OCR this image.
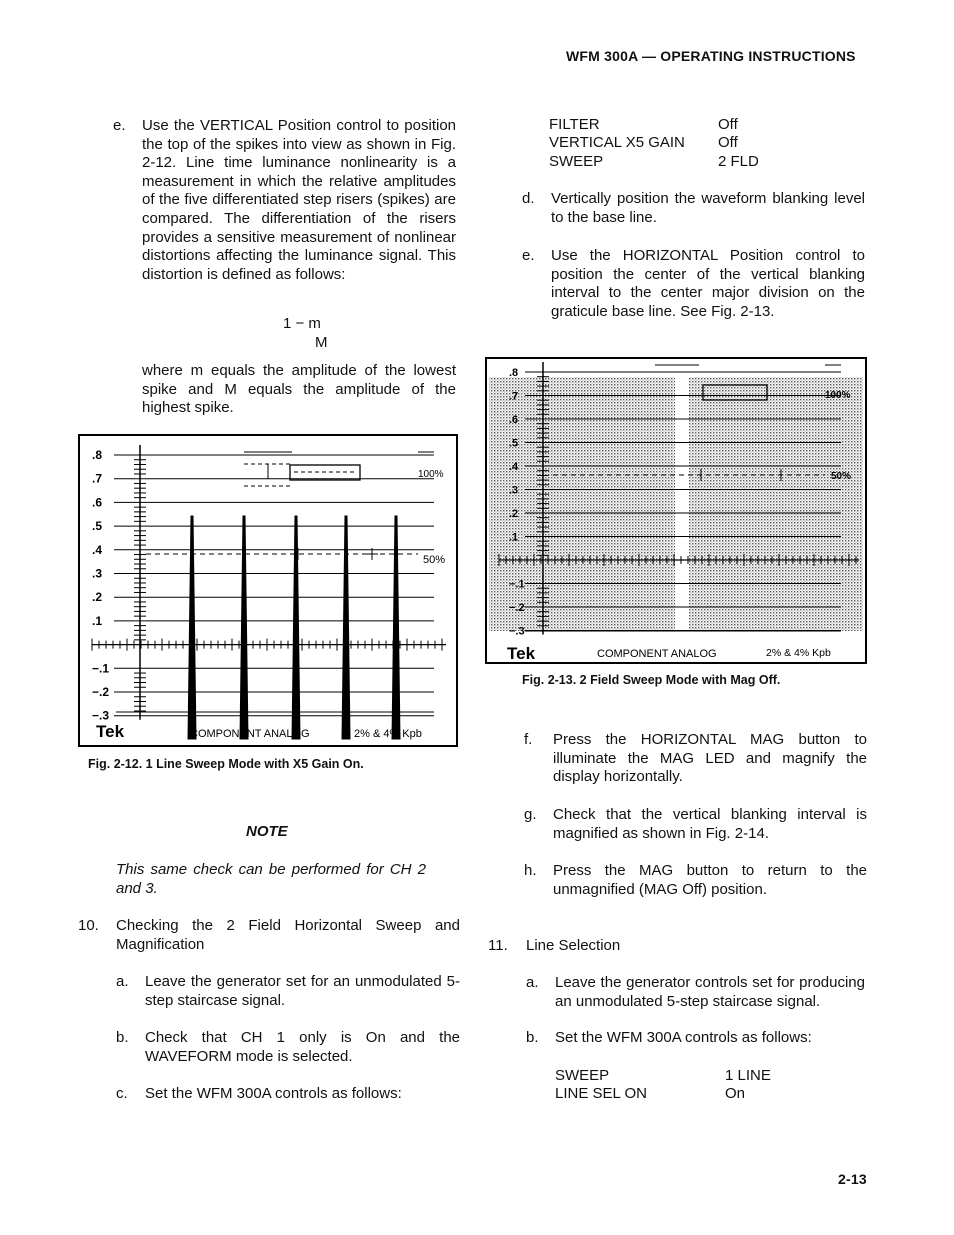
WFM 300A — OPERATING INSTRUCTIONS
e. Use the VERTICAL Position control to position the top of the spikes into view as shown in Fig. 2-12. Line time luminance nonlinearity is a measurement in which the relative amplitudes of the five differentiated step risers (spikes) are compared. The differentiation of the risers provides a sensitive measurement of nonlinear distortions affecting the luminance signal. This distortion is defined as follows:
1 − m
M
where m equals the amplitude of the lowest spike and M equals the amplitude of the highest spike.
.8
.7
.6
.5
.4
.3
.2
.1
−.1
−.2
−.3
Tek	COMPONENT ANALOG	2% & 4% Kpb
100%
50%
Fig. 2-12. 1 Line Sweep Mode with X5 Gain On.
NOTE
This same check can be performed for CH 2 and 3.
10. Checking the 2 Field Horizontal Sweep and Magnification
a. Leave the generator set for an unmodulated 5-step staircase signal.
b. Check that CH 1 only is On and the WAVEFORM mode is selected.
c. Set the WFM 300A controls as follows:
FILTER	Off
VERTICAL X5 GAIN Off
SWEEP	2 FLD
d. Vertically position the waveform blanking level to the base line.
e. Use the HORIZONTAL Position control to position the center of the vertical blanking interval to the center major division on the graticule base line. See Fig. 2-13.
.8
.7
.6
.5
.4
.3
.2
.1
−.1
−.2
−.3
Tek	COMPONENT ANALOG	2% & 4% Kpb
100%
50%
Fig. 2-13. 2 Field Sweep Mode with Mag Off.
f. Press the HORIZONTAL MAG button to illuminate the MAG LED and magnify the display horizontally.
g. Check that the vertical blanking interval is magnified as shown in Fig. 2-14.
h. Press the MAG button to return to the unmagnified (MAG Off) position.
11. Line Selection
a. Leave the generator controls set for producing an unmodulated 5-step staircase signal.
b. Set the WFM 300A controls as follows:
SWEEP	1 LINE
LINE SEL ON	On
2-13
